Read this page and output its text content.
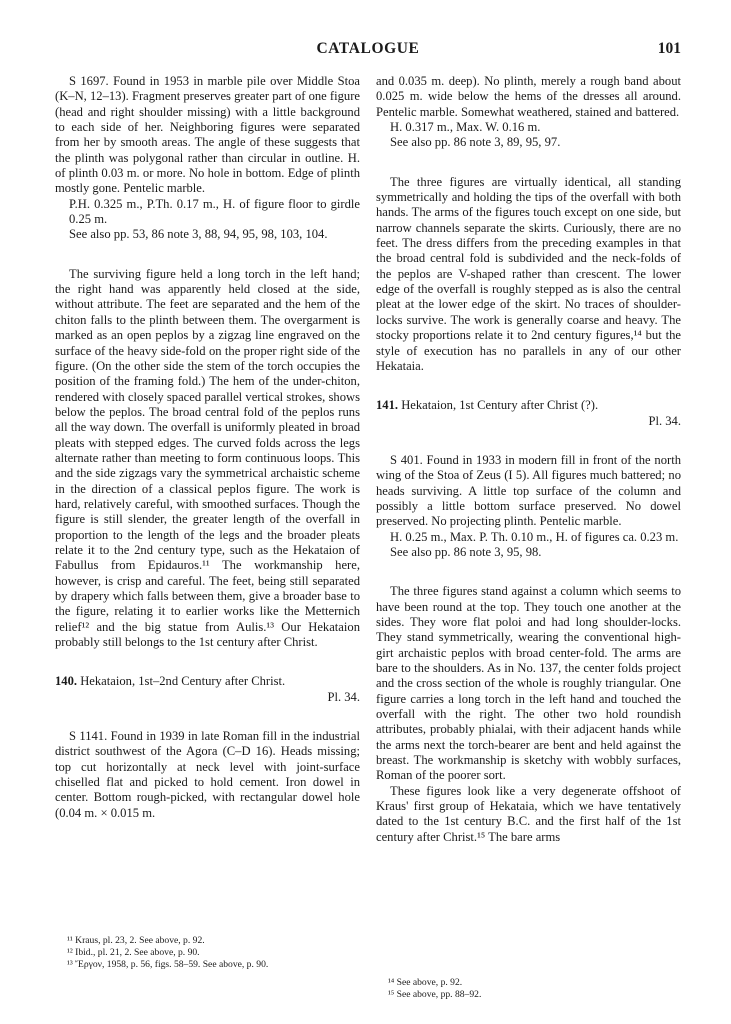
CATALOGUE	101

S 1697. Found in 1953 in marble pile over Middle Stoa (K–N, 12–13). Fragment preserves greater part of one figure (head and right shoulder missing) with a little background to each side of her. Neighboring figures were separated from her by smooth areas. The angle of these suggests that the plinth was polygonal rather than circular in outline. H. of plinth 0.03 m. or more. No hole in bottom. Edge of plinth mostly gone. Pentelic marble.

P.H. 0.325 m., P.Th. 0.17 m., H. of figure floor to girdle 0.25 m.

See also pp. 53, 86 note 3, 88, 94, 95, 98, 103, 104.

The surviving figure held a long torch in the left hand; the right hand was apparently held closed at the side, without attribute. The feet are separated and the hem of the chiton falls to the plinth between them. The overgarment is marked as an open peplos by a zigzag line engraved on the surface of the heavy side-fold on the proper right side of the figure. (On the other side the stem of the torch occupies the position of the framing fold.) The hem of the under-chiton, rendered with closely spaced parallel vertical strokes, shows below the peplos. The broad central fold of the peplos runs all the way down. The overfall is uniformly pleated in broad pleats with stepped edges. The curved folds across the legs alternate rather than meeting to form continuous loops. This and the side zigzags vary the symmetrical archaistic scheme in the direction of a classical peplos figure. The work is hard, relatively careful, with smoothed surfaces. Though the figure is still slender, the greater length of the overfall in proportion to the length of the legs and the broader pleats relate it to the 2nd century type, such as the Hekataion of Fabullus from Epidauros.¹¹ The workmanship here, however, is crisp and careful. The feet, being still separated by drapery which falls between them, give a broader base to the figure, relating it to earlier works like the Metternich relief¹² and the big statue from Aulis.¹³ Our Hekataion probably still belongs to the 1st century after Christ.

140. Hekataion, 1st–2nd Century after Christ.

Pl. 34.

S 1141. Found in 1939 in late Roman fill in the industrial district southwest of the Agora (C–D 16). Heads missing; top cut horizontally at neck level with joint-surface chiselled flat and picked to hold cement. Iron dowel in center. Bottom rough-picked, with rectangular dowel hole (0.04 m. × 0.015 m.

and 0.035 m. deep). No plinth, merely a rough band about 0.025 m. wide below the hems of the dresses all around. Pentelic marble. Somewhat weathered, stained and battered.

H. 0.317 m., Max. W. 0.16 m.

See also pp. 86 note 3, 89, 95, 97.

The three figures are virtually identical, all standing symmetrically and holding the tips of the overfall with both hands. The arms of the figures touch except on one side, but narrow channels separate the skirts. Curiously, there are no feet. The dress differs from the preceding examples in that the broad central fold is subdivided and the neck-folds of the peplos are V-shaped rather than crescent. The lower edge of the overfall is roughly stepped as is also the central pleat at the lower edge of the skirt. No traces of shoulder-locks survive. The work is generally coarse and heavy. The stocky proportions relate it to 2nd century figures,¹⁴ but the style of execution has no parallels in any of our other Hekataia.

141. Hekataion, 1st Century after Christ (?).

Pl. 34.

S 401. Found in 1933 in modern fill in front of the north wing of the Stoa of Zeus (I 5). All figures much battered; no heads surviving. A little top surface of the column and possibly a little bottom surface preserved. No dowel preserved. No projecting plinth. Pentelic marble.

H. 0.25 m., Max. P. Th. 0.10 m., H. of figures ca. 0.23 m.

See also pp. 86 note 3, 95, 98.

The three figures stand against a column which seems to have been round at the top. They touch one another at the sides. They wore flat poloi and had long shoulder-locks. They stand symmetrically, wearing the conventional high-girt archaistic peplos with broad center-fold. The arms are bare to the shoulders. As in No. 137, the center folds project and the cross section of the whole is roughly triangular. One figure carries a long torch in the left hand and touched the overfall with the right. The other two hold roundish attributes, probably phialai, with their adjacent hands while the arms next the torch-bearer are bent and held against the breast. The workmanship is sketchy with wobbly surfaces, Roman of the poorer sort.

These figures look like a very degenerate offshoot of Kraus' first group of Hekataia, which we have tentatively dated to the 1st century B.C. and the first half of the 1st century after Christ.¹⁵ The bare arms

¹¹ Kraus, pl. 23, 2. See above, p. 92.

¹² Ibid., pl. 21, 2. See above, p. 90.

¹³ Ἔργον, 1958, p. 56, figs. 58–59. See above, p. 90.

¹⁴ See above, p. 92.

¹⁵ See above, pp. 88–92.
